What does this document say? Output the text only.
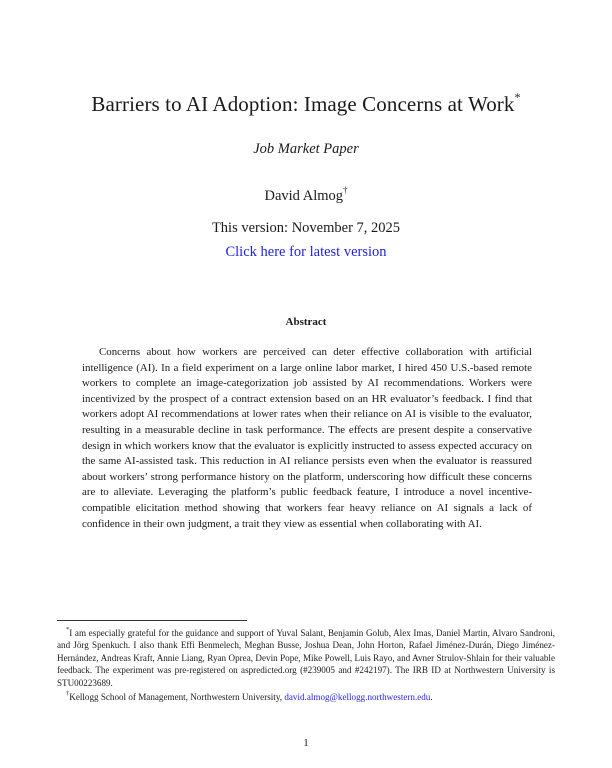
Barriers to AI Adoption: Image Concerns at Work*
Job Market Paper
David Almog†
This version: November 7, 2025
Click here for latest version
Abstract

Concerns about how workers are perceived can deter effective collaboration with artificial intelligence (AI). In a field experiment on a large online labor market, I hired 450 U.S.-based remote workers to complete an image-categorization job assisted by AI recommendations. Workers were incentivized by the prospect of a contract extension based on an HR evaluator’s feedback. I find that workers adopt AI recommendations at lower rates when their reliance on AI is visible to the evaluator, resulting in a measurable decline in task performance. The effects are present despite a conservative design in which workers know that the evaluator is explicitly instructed to assess expected accuracy on the same AI-assisted task. This reduction in AI reliance persists even when the evaluator is reassured about workers’ strong performance history on the platform, underscoring how difficult these concerns are to alleviate. Leveraging the platform’s public feedback feature, I introduce a novel incentive-compatible elicitation method showing that workers fear heavy reliance on AI signals a lack of confidence in their own judgment, a trait they view as essential when collaborating with AI.

*I am especially grateful for the guidance and support of Yuval Salant, Benjamin Golub, Alex Imas, Daniel Martin, Alvaro Sandroni, and Jörg Spenkuch. I also thank Effi Benmelech, Meghan Busse, Joshua Dean, John Horton, Rafael Jiménez-Durán, Diego Jiménez-Hernández, Andreas Kraft, Annie Liang, Ryan Oprea, Devin Pope, Mike Powell, Luis Rayo, and Avner Strulov-Shlain for their valuable feedback. The experiment was pre-registered on aspredicted.org (#239005 and #242197). The IRB ID at Northwestern University is STU00223689.

†Kellogg School of Management, Northwestern University, david.almog@kellogg.northwestern.edu.

1
